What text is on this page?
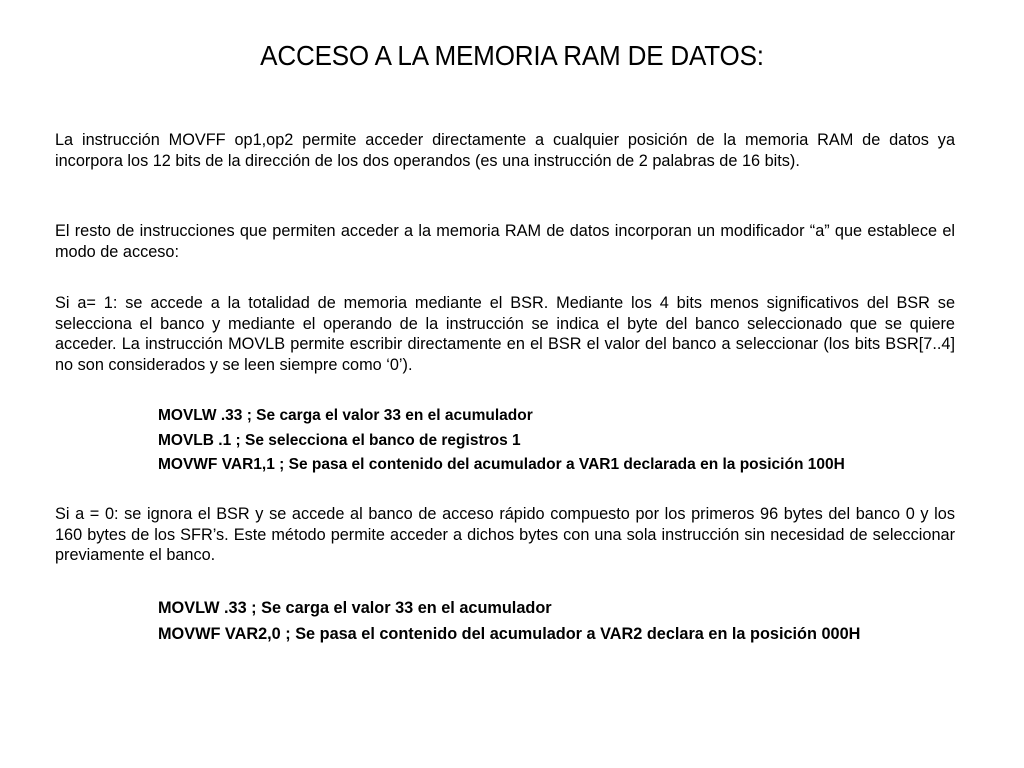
ACCESO A LA MEMORIA RAM DE DATOS:

La instrucción MOVFF op1,op2 permite acceder directamente a cualquier posición de la memoria RAM de datos ya incorpora los 12 bits de la dirección de los dos operandos (es una instrucción de 2 palabras de 16 bits).

El resto de instrucciones que permiten acceder a la memoria RAM de datos incorporan un modificador “a” que establece el modo de acceso:

Si a= 1: se accede a la totalidad de memoria mediante el BSR. Mediante los 4 bits menos significativos del BSR se selecciona el banco y mediante el operando de la instrucción se indica el byte del banco seleccionado que se quiere acceder. La instrucción MOVLB permite escribir directamente en el BSR el valor del banco a seleccionar (los bits BSR[7..4] no son considerados y se leen siempre como ‘0’).

MOVLW .33 ; Se carga el valor 33 en el acumulador
MOVLB .1 ; Se selecciona el banco de registros 1
MOVWF VAR1,1 ; Se pasa el contenido del acumulador a VAR1 declarada en la posición 100H

Si a = 0: se ignora el BSR y se accede al banco de acceso rápido compuesto por los primeros 96 bytes del banco 0 y los 160 bytes de los SFR’s. Este método permite acceder a dichos bytes con una sola instrucción sin necesidad de seleccionar previamente el banco.

MOVLW .33 ; Se carga el valor 33 en el acumulador
MOVWF VAR2,0 ; Se pasa el contenido del acumulador a VAR2 declara en la posición 000H
